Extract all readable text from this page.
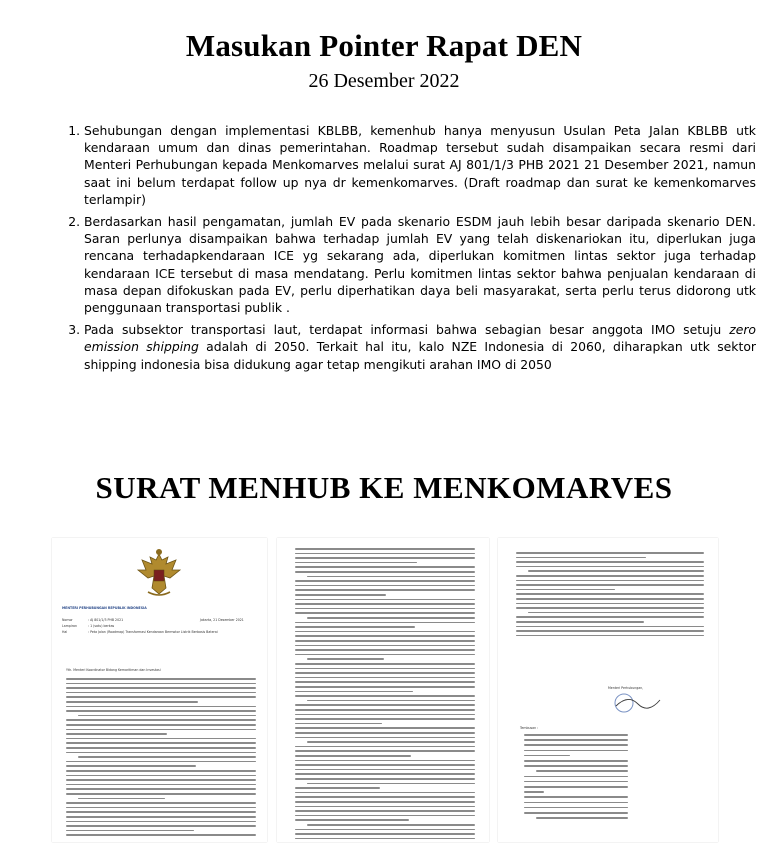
Masukan Pointer Rapat DEN
26 Desember 2022
1. Sehubungan dengan implementasi KBLBB, kemenhub hanya menyusun Usulan Peta Jalan KBLBB utk kendaraan umum dan dinas pemerintahan. Roadmap tersebut sudah disampaikan secara resmi dari Menteri Perhubungan kepada Menkomarves melalui surat AJ 801/1/3 PHB 2021 21 Desember 2021, namun saat ini belum terdapat follow up nya dr kemenkomarves. (Draft roadmap dan surat ke kemenkomarves terlampir)
2. Berdasarkan hasil pengamatan, jumlah EV pada skenario ESDM jauh lebih besar daripada skenario DEN. Saran perlunya disampaikan bahwa terhadap jumlah EV yang telah diskenariokan itu, diperlukan juga rencana terhadapkendaraan ICE yg sekarang ada, diperlukan komitmen lintas sektor juga terhadap kendaraan ICE tersebut di masa mendatang. Perlu komitmen lintas sektor bahwa penjualan kendaraan di masa depan difokuskan pada EV, perlu diperhatikan daya beli masyarakat, serta perlu terus didorong utk penggunaan transportasi publik .
3. Pada subsektor transportasi laut, terdapat informasi bahwa sebagian besar anggota IMO setuju zero emission shipping adalah di 2050. Terkait hal itu, kalo NZE Indonesia di 2060, diharapkan utk sektor shipping indonesia bisa didukung agar tetap mengikuti arahan IMO di 2050
SURAT MENHUB KE MENKOMARVES
MENTERI PERHUBUNGAN REPUBLIK INDONESIA
Nomor	: AJ 801/1/3 PHB 2021	Jakarta, 21 Desember 2021
Lampiran	: 1 (satu) berkas
Hal	: Peta Jalan (Roadmap) Transformasi Kendaraan Bermotor Listrik Berbasis Baterai
Yth. Menteri Koordinator Bidang Kemaritiman dan Investasi
Menteri Perhubungan,
Tembusan :
